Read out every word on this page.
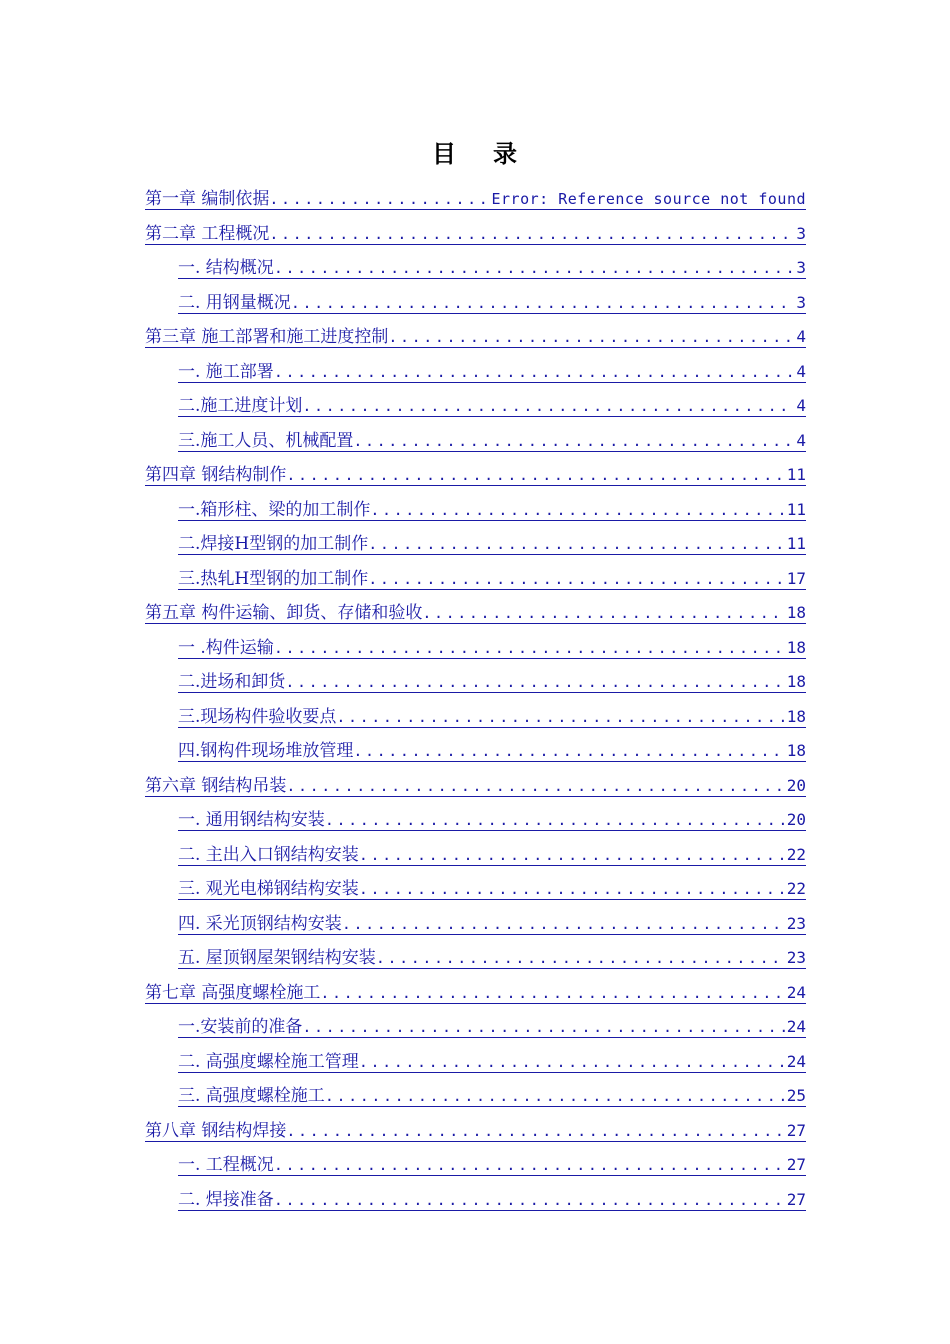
目 录
第一章 编制依据 .....	Error: Reference source not found
第二章 工程概况 .....	3
一. 结构概况 .....	3
二. 用钢量概况 .....	3
第三章 施工部署和施工进度控制 .....	4
一. 施工部署 .....	4
二.施工进度计划 .....	4
三.施工人员、机械配置 .....	4
第四章 钢结构制作 .....	11
一.箱形柱、梁的加工制作 .....	11
二.焊接H型钢的加工制作 .....	11
三.热轧H型钢的加工制作 .....	17
第五章 构件运输、卸货、存储和验收 .....	18
一 .构件运输 .....	18
二.进场和卸货 .....	18
三.现场构件验收要点 .....	18
四.钢构件现场堆放管理 .....	18
第六章 钢结构吊装 .....	20
一. 通用钢结构安装 .....	20
二. 主出入口钢结构安装 .....	22
三. 观光电梯钢结构安装 .....	22
四. 采光顶钢结构安装 .....	23
五. 屋顶钢屋架钢结构安装 .....	23
第七章 高强度螺栓施工 .....	24
一.安装前的准备 .....	24
二. 高强度螺栓施工管理 .....	24
三. 高强度螺栓施工 .....	25
第八章 钢结构焊接 .....	27
一. 工程概况 .....	27
二. 焊接准备 .....	27
